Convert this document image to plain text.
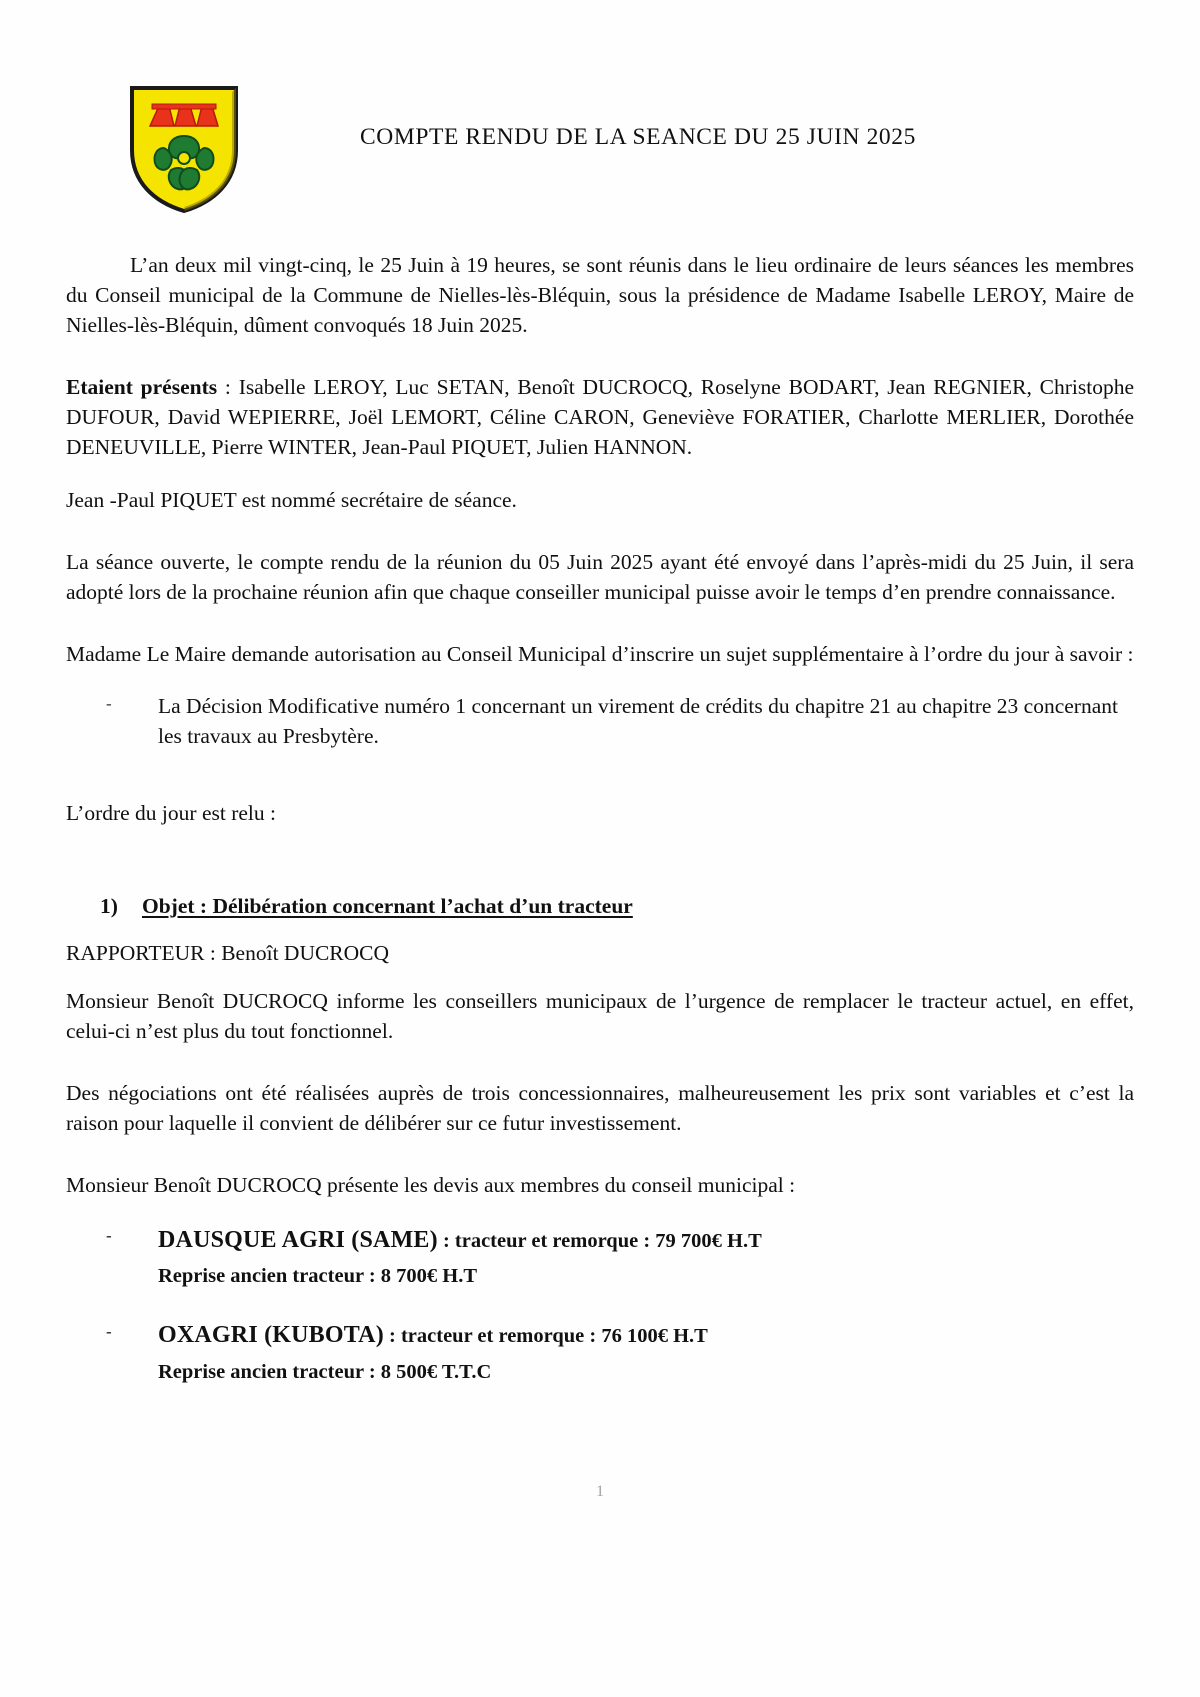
COMPTE RENDU DE LA SEANCE DU 25 JUIN 2025

L’an deux mil vingt‑cinq, le 25 Juin à 19 heures, se sont réunis dans le lieu ordinaire de leurs séances les membres du Conseil municipal de la Commune de Nielles‑lès‑Bléquin, sous la présidence de Madame Isabelle LEROY, Maire de Nielles‑lès‑Bléquin, dûment convoqués 18 Juin 2025.

Etaient présents : Isabelle LEROY, Luc SETAN, Benoît DUCROCQ, Roselyne BODART, Jean REGNIER, Christophe DUFOUR, David WEPIERRE, Joël LEMORT, Céline CARON, Geneviève FORATIER, Charlotte MERLIER, Dorothée DENEUVILLE, Pierre WINTER, Jean‑Paul PIQUET, Julien HANNON.

Jean ‑Paul PIQUET est nommé secrétaire de séance.

La séance ouverte, le compte rendu de la réunion du 05 Juin 2025 ayant été envoyé dans l’après‑midi du 25 Juin, il sera adopté lors de la prochaine réunion afin que chaque conseiller municipal puisse avoir le temps d’en prendre connaissance.

Madame Le Maire demande autorisation au Conseil Municipal d’inscrire un sujet supplémentaire à l’ordre du jour à savoir :

- La Décision Modificative numéro 1 concernant un virement de crédits du chapitre 21 au chapitre 23 concernant les travaux au Presbytère.

L’ordre du jour est relu :

1)	Objet : Délibération concernant l’achat d’un tracteur

RAPPORTEUR : Benoît DUCROCQ

Monsieur Benoît DUCROCQ informe les conseillers municipaux de l’urgence de remplacer le tracteur actuel, en effet, celui‑ci n’est plus du tout fonctionnel.

Des négociations ont été réalisées auprès de trois concessionnaires, malheureusement les prix sont variables et c’est la raison pour laquelle il convient de délibérer sur ce futur investissement.

Monsieur Benoît DUCROCQ présente les devis aux membres du conseil municipal :

- DAUSQUE AGRI (SAME) : tracteur et remorque : 79 700€ H.T
Reprise ancien tracteur : 8 700€ H.T
- OXAGRI (KUBOTA) : tracteur et remorque : 76 100€ H.T
Reprise ancien tracteur : 8 500€ T.T.C
1
